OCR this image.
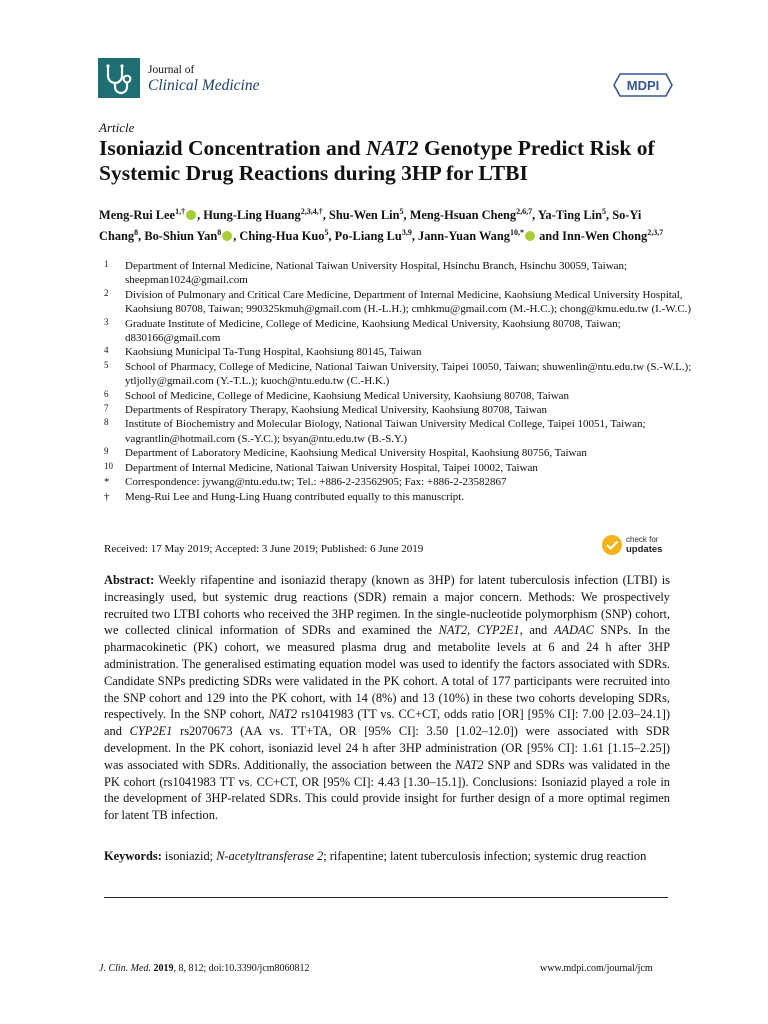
Journal of
Clinical Medicine	MDPI
Article
Isoniazid Concentration and NAT2 Genotype Predict Risk of Systemic Drug Reactions during 3HP for LTBI
Meng-Rui Lee$^{1,\dagger}$ , Hung-Ling Huang$^{2,3,4,\dagger}$, Shu-Wen Lin$^5$, Meng-Hsuan Cheng$^{2,6,7}$, Ya-Ting Lin$^5$, So-Yi Chang$^8$, Bo-Shiun Yan$^8$ , Ching-Hua Kuo$^5$, Po-Liang Lu$^{3,9}$, Jann-Yuan Wang$^{10,*}$ and Inn-Wen Chong$^{2,3,7}$
1 Department of Internal Medicine, National Taiwan University Hospital, Hsinchu Branch, Hsinchu 30059, Taiwan; sheepman1024@gmail.com
2 Division of Pulmonary and Critical Care Medicine, Department of Internal Medicine, Kaohsiung Medical University Hospital, Kaohsiung 80708, Taiwan; 990325kmuh@gmail.com (H.-L.H.); cmhkmu@gmail.com (M.-H.C.); chong@kmu.edu.tw (I.-W.C.)
3 Graduate Institute of Medicine, College of Medicine, Kaohsiung Medical University, Kaohsiung 80708, Taiwan; d830166@gmail.com
4 Kaohsiung Municipal Ta-Tung Hospital, Kaohsiung 80145, Taiwan
5 School of Pharmacy, College of Medicine, National Taiwan University, Taipei 10050, Taiwan; shuwenlin@ntu.edu.tw (S.-W.L.); ytljolly@gmail.com (Y.-T.L.); kuoch@ntu.edu.tw (C.-H.K.)
6 School of Medicine, College of Medicine, Kaohsiung Medical University, Kaohsiung 80708, Taiwan
7 Departments of Respiratory Therapy, Kaohsiung Medical University, Kaohsiung 80708, Taiwan
8 Institute of Biochemistry and Molecular Biology, National Taiwan University Medical College, Taipei 10051, Taiwan; vagrantlin@hotmail.com (S.-Y.C.); bsyan@ntu.edu.tw (B.-S.Y.)
9 Department of Laboratory Medicine, Kaohsiung Medical University Hospital, Kaohsiung 80756, Taiwan
10 Department of Internal Medicine, National Taiwan University Hospital, Taipei 10002, Taiwan
* Correspondence: jywang@ntu.edu.tw; Tel.: +886-2-23562905; Fax: +886-2-23582867
† Meng-Rui Lee and Hung-Ling Huang contributed equally to this manuscript.
Received: 17 May 2019; Accepted: 3 June 2019; Published: 6 June 2019
check for
updates
Abstract: Weekly rifapentine and isoniazid therapy (known as 3HP) for latent tuberculosis infection (LTBI) is increasingly used, but systemic drug reactions (SDR) remain a major concern. Methods: We prospectively recruited two LTBI cohorts who received the 3HP regimen. In the single-nucleotide polymorphism (SNP) cohort, we collected clinical information of SDRs and examined the NAT2, CYP2E1, and AADAC SNPs. In the pharmacokinetic (PK) cohort, we measured plasma drug and metabolite levels at 6 and 24 h after 3HP administration. The generalised estimating equation model was used to identify the factors associated with SDRs. Candidate SNPs predicting SDRs were validated in the PK cohort. A total of 177 participants were recruited into the SNP cohort and 129 into the PK cohort, with 14 (8%) and 13 (10%) in these two cohorts developing SDRs, respectively. In the SNP cohort, NAT2 rs1041983 (TT vs. CC+CT, odds ratio [OR] [95% CI]: 7.00 [2.03–24.1]) and CYP2E1 rs2070673 (AA vs. TT+TA, OR [95% CI]: 3.50 [1.02–12.0]) were associated with SDR development. In the PK cohort, isoniazid level 24 h after 3HP administration (OR [95% CI]: 1.61 [1.15–2.25]) was associated with SDRs. Additionally, the association between the NAT2 SNP and SDRs was validated in the PK cohort (rs1041983 TT vs. CC+CT, OR [95% CI]: 4.43 [1.30–15.1]). Conclusions: Isoniazid played a role in the development of 3HP-related SDRs. This could provide insight for further design of a more optimal regimen for latent TB infection.
Keywords: isoniazid; N-acetyltransferase 2; rifapentine; latent tuberculosis infection; systemic drug reaction
J. Clin. Med. 2019, 8, 812; doi:10.3390/jcm8060812	www.mdpi.com/journal/jcm
